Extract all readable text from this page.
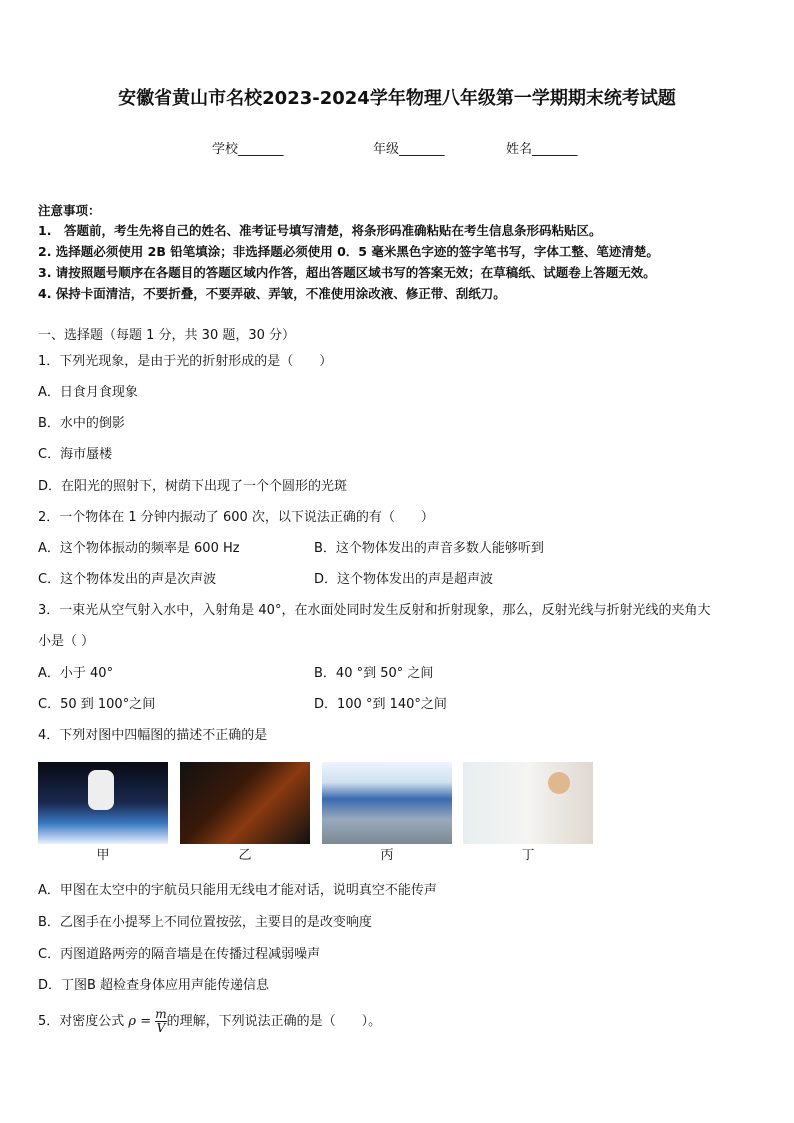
安徽省黄山市名校2023-2024学年物理八年级第一学期期末统考试题
学校_______	年级_______	姓名_______
注意事项：
1.　答题前，考生先将自己的姓名、准考证号填写清楚，将条形码准确粘贴在考生信息条形码粘贴区。
2. 选择题必须使用 2B 铅笔填涂；非选择题必须使用 0．5 毫米黑色字迹的签字笔书写，字体工整、笔迹清楚。
3. 请按照题号顺序在各题目的答题区域内作答，超出答题区域书写的答案无效；在草稿纸、试题卷上答题无效。
4. 保持卡面清洁，不要折叠，不要弄破、弄皱，不准使用涂改液、修正带、刮纸刀。
一、选择题（每题 1 分，共 30 题，30 分）
1．下列光现象，是由于光的折射形成的是（　　）
A．日食月食现象
B．水中的倒影
C．海市蜃楼
D．在阳光的照射下，树荫下出现了一个个圆形的光斑
2．一个物体在 1 分钟内振动了 600 次，以下说法正确的有（　　）
A．这个物体振动的频率是 600 Hz	B．这个物体发出的声音多数人能够听到
C．这个物体发出的声是次声波	D．这个物体发出的声是超声波
3．一束光从空气射入水中，入射角是 40°，在水面处同时发生反射和折射现象，那么，反射光线与折射光线的夹角大
小是（ ）
A．小于 40°	B．40 °到 50° 之间
C．50 到 100°之间	D．100 °到 140°之间
4．下列对图中四幅图的描述不正确的是
甲	乙	丙	丁
A．甲图在太空中的宇航员只能用无线电才能对话，说明真空不能传声
B．乙图手在小提琴上不同位置按弦，主要目的是改变响度
C．丙图道路两旁的隔音墙是在传播过程减弱噪声
D．丁图B 超检查身体应用声能传递信息
5．对密度公式 $\rho = \frac{m}{V}$ 的理解，下列说法正确的是（　　）。
